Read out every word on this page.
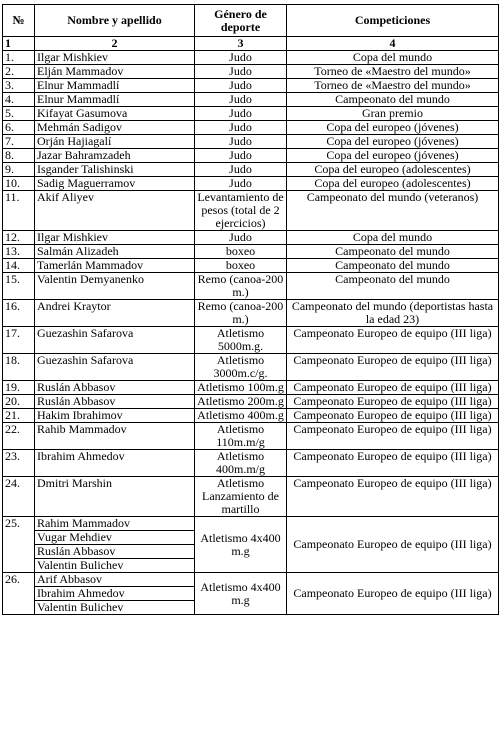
№	Nombre y apellido	Género de deporte	Competiciones
1	2	3	4
1.	Ilgar Mishkiev	Judo	Copa del mundo
2.	Elján Mammadov	Judo	Torneo de «Maestro del mundo»
3.	Elnur Mammadlí	Judo	Torneo de «Maestro del mundo»
4.	Elnur Mammadlí	Judo	Campeonato del mundo
5.	Kifayat Gasumova	Judo	Gran premio
6.	Mehmán Sadigov	Judo	Copa del europeo (jóvenes)
7.	Orján Hajiagalí	Judo	Copa del europeo (jóvenes)
8.	Jazar Bahramzadeh	Judo	Copa del europeo (jóvenes)
9.	Isgander Talishinski	Judo	Copa del europeo (adolescentes)
10.	Sadig Maguerramov	Judo	Copa del europeo (adolescentes)
11.	Akif Aliyev	Levantamiento de pesos (total de 2 ejercicios)	Campeonato del mundo (veteranos)
12.	Ilgar Mishkiev	Judo	Copa del mundo
13.	Salmán Alizadeh	boxeo	Campeonato del mundo
14.	Tamerlán Mammadov	boxeo	Campeonato del mundo
15.	Valentin Demyanenko	Remo (canoa-200 m.)	Campeonato del mundo
16.	Andrei Kraytor	Remo (canoa-200 m.)	Campeonato del mundo (deportistas hasta la edad 23)
17.	Guezashin Safarova	Atletismo 5000m.g.	Campeonato Europeo de equipo (III liga)
18.	Guezashin Safarova	Atletismo 3000m.c/g.	Campeonato Europeo de equipo (III liga)
19.	Ruslán Abbasov	Atletismo 100m.g	Campeonato Europeo de equipo (III liga)
20.	Ruslán Abbasov	Atletismo 200m.g	Campeonato Europeo de equipo (III liga)
21.	Hakim Ibrahimov	Atletismo 400m.g	Campeonato Europeo de equipo (III liga)
22.	Rahib Mammadov	Atletismo 110m.m/g	Campeonato Europeo de equipo (III liga)
23.	Ibrahim Ahmedov	Atletismo 400m.m/g	Campeonato Europeo de equipo (III liga)
24.	Dmitri Marshin	Atletismo Lanzamiento de martillo	Campeonato Europeo de equipo (III liga)
25.	Rahim Mammadov	Atletismo 4x400 m.g	Campeonato Europeo de equipo (III liga)
	Vugar Mehdiev		
	Ruslán Abbasov		
	Valentin Bulichev		
26.	Arif Abbasov	Atletismo 4x400 m.g	Campeonato Europeo de equipo (III liga)
	Ibrahim Ahmedov		
	Valentin Bulichev		
